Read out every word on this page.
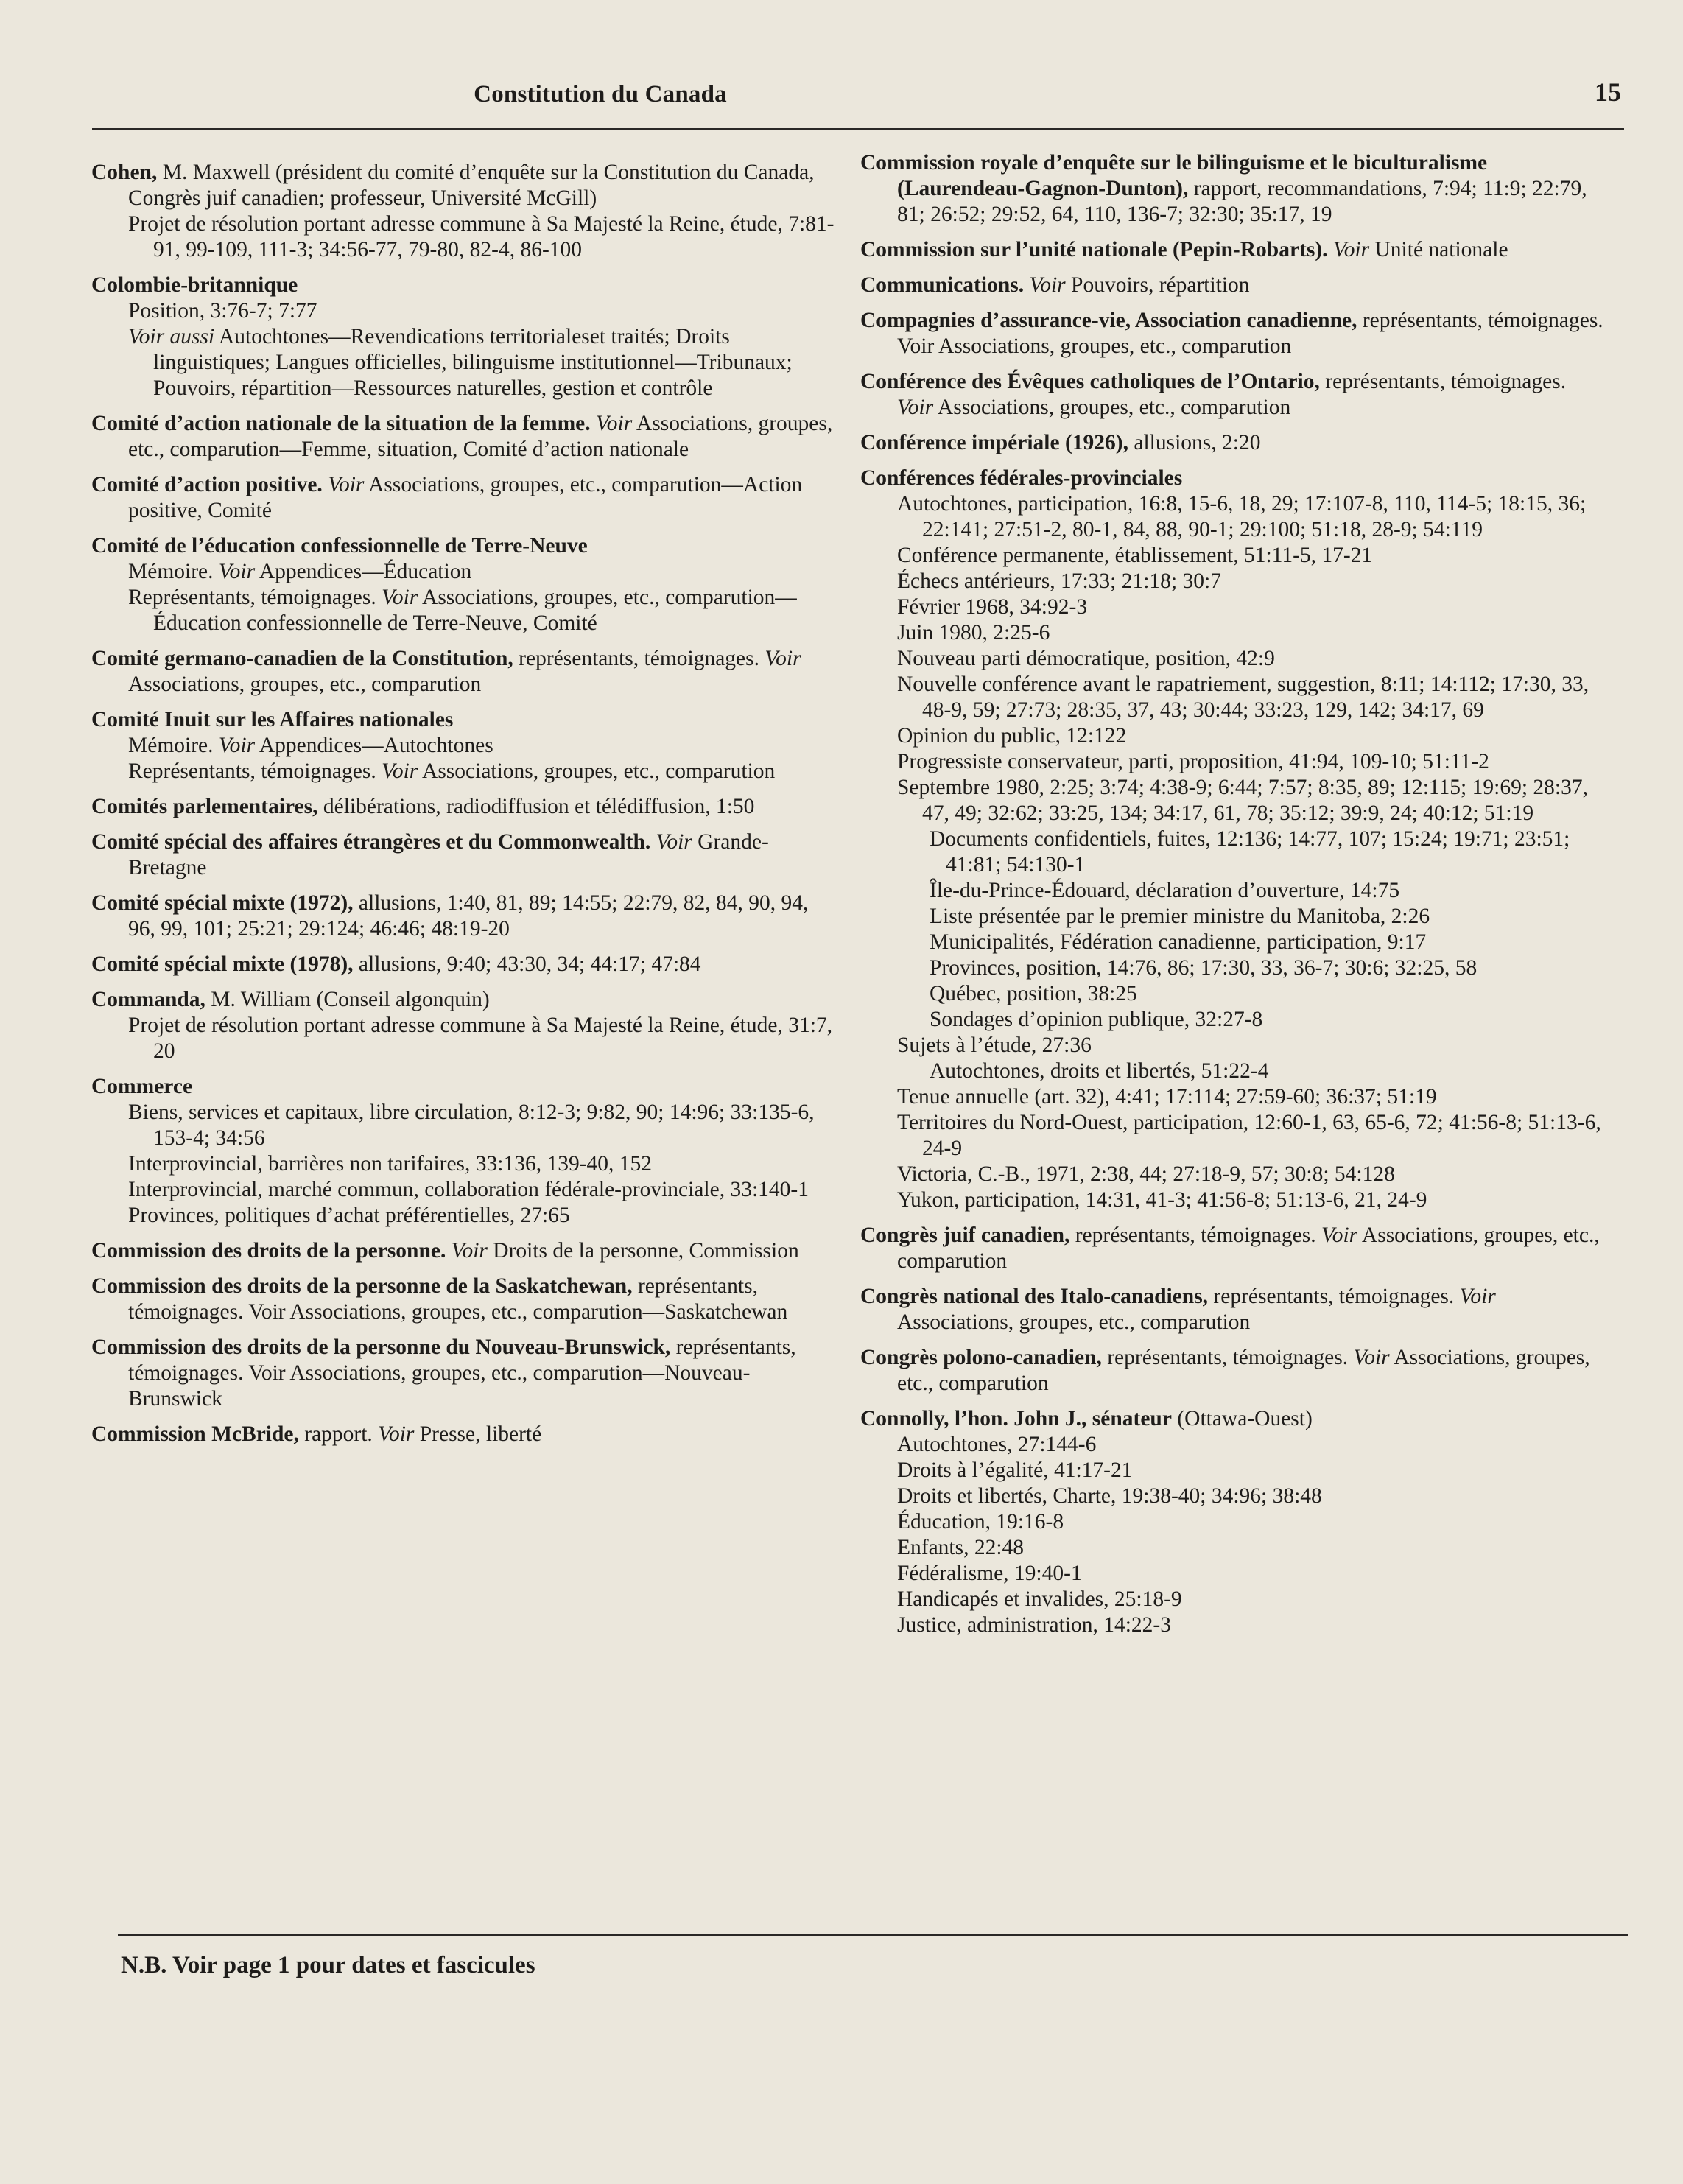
Constitution du Canada	15
Cohen, M. Maxwell (président du comité d’enquête sur la Constitution du Canada, Congrès juif canadien; professeur, Université McGill)
Projet de résolution portant adresse commune à Sa Majesté la Reine, étude, 7:81-91, 99-109, 111-3; 34:56-77, 79-80, 82-4, 86-100
Colombie-britannique
Position, 3:76-7; 7:77
Voir aussi Autochtones—Revendications territorialeset traités; Droits linguistiques; Langues officielles, bilinguisme institutionnel—Tribunaux; Pouvoirs, répartition—Ressources naturelles, gestion et contrôle
Comité d’action nationale de la situation de la femme. Voir Associations, groupes, etc., comparution—Femme, situation, Comité d’action nationale
Comité d’action positive. Voir Associations, groupes, etc., comparution—Action positive, Comité
Comité de l’éducation confessionnelle de Terre-Neuve
Mémoire. Voir Appendices—Éducation
Représentants, témoignages. Voir Associations, groupes, etc., comparution—Éducation confessionnelle de Terre-Neuve, Comité
Comité germano-canadien de la Constitution, représentants, témoignages. Voir Associations, groupes, etc., comparution
Comité Inuit sur les Affaires nationales
Mémoire. Voir Appendices—Autochtones
Représentants, témoignages. Voir Associations, groupes, etc., comparution
Comités parlementaires, délibérations, radiodiffusion et télédiffusion, 1:50
Comité spécial des affaires étrangères et du Commonwealth. Voir Grande-Bretagne
Comité spécial mixte (1972), allusions, 1:40, 81, 89; 14:55; 22:79, 82, 84, 90, 94, 96, 99, 101; 25:21; 29:124; 46:46; 48:19-20
Comité spécial mixte (1978), allusions, 9:40; 43:30, 34; 44:17; 47:84
Commanda, M. William (Conseil algonquin)
Projet de résolution portant adresse commune à Sa Majesté la Reine, étude, 31:7, 20
Commerce
Biens, services et capitaux, libre circulation, 8:12-3; 9:82, 90; 14:96; 33:135-6, 153-4; 34:56
Interprovincial, barrières non tarifaires, 33:136, 139-40, 152
Interprovincial, marché commun, collaboration fédérale-provinciale, 33:140-1
Provinces, politiques d’achat préférentielles, 27:65
Commission des droits de la personne. Voir Droits de la personne, Commission
Commission des droits de la personne de la Saskatchewan, représentants, témoignages. Voir Associations, groupes, etc., comparution—Saskatchewan
Commission des droits de la personne du Nouveau-Brunswick, représentants, témoignages. Voir Associations, groupes, etc., comparution—Nouveau-Brunswick
Commission McBride, rapport. Voir Presse, liberté
Commission royale d’enquête sur le bilinguisme et le biculturalisme (Laurendeau-Gagnon-Dunton), rapport, recommandations, 7:94; 11:9; 22:79, 81; 26:52; 29:52, 64, 110, 136-7; 32:30; 35:17, 19
Commission sur l’unité nationale (Pepin-Robarts). Voir Unité nationale
Communications. Voir Pouvoirs, répartition
Compagnies d’assurance-vie, Association canadienne, représentants, témoignages. Voir Associations, groupes, etc., comparution
Conférence des Évêques catholiques de l’Ontario, représentants, témoignages. Voir Associations, groupes, etc., comparution
Conférence impériale (1926), allusions, 2:20
Conférences fédérales-provinciales
Autochtones, participation, 16:8, 15-6, 18, 29; 17:107-8, 110, 114-5; 18:15, 36; 22:141; 27:51-2, 80-1, 84, 88, 90-1; 29:100; 51:18, 28-9; 54:119
Conférence permanente, établissement, 51:11-5, 17-21
Échecs antérieurs, 17:33; 21:18; 30:7
Février 1968, 34:92-3
Juin 1980, 2:25-6
Nouveau parti démocratique, position, 42:9
Nouvelle conférence avant le rapatriement, suggestion, 8:11; 14:112; 17:30, 33, 48-9, 59; 27:73; 28:35, 37, 43; 30:44; 33:23, 129, 142; 34:17, 69
Opinion du public, 12:122
Progressiste conservateur, parti, proposition, 41:94, 109-10; 51:11-2
Septembre 1980, 2:25; 3:74; 4:38-9; 6:44; 7:57; 8:35, 89; 12:115; 19:69; 28:37, 47, 49; 32:62; 33:25, 134; 34:17, 61, 78; 35:12; 39:9, 24; 40:12; 51:19
Documents confidentiels, fuites, 12:136; 14:77, 107; 15:24; 19:71; 23:51; 41:81; 54:130-1
Île-du-Prince-Édouard, déclaration d’ouverture, 14:75
Liste présentée par le premier ministre du Manitoba, 2:26
Municipalités, Fédération canadienne, participation, 9:17
Provinces, position, 14:76, 86; 17:30, 33, 36-7; 30:6; 32:25, 58
Québec, position, 38:25
Sondages d’opinion publique, 32:27-8
Sujets à l’étude, 27:36
Autochtones, droits et libertés, 51:22-4
Tenue annuelle (art. 32), 4:41; 17:114; 27:59-60; 36:37; 51:19
Territoires du Nord-Ouest, participation, 12:60-1, 63, 65-6, 72; 41:56-8; 51:13-6, 24-9
Victoria, C.-B., 1971, 2:38, 44; 27:18-9, 57; 30:8; 54:128
Yukon, participation, 14:31, 41-3; 41:56-8; 51:13-6, 21, 24-9
Congrès juif canadien, représentants, témoignages. Voir Associations, groupes, etc., comparution
Congrès national des Italo-canadiens, représentants, témoignages. Voir Associations, groupes, etc., comparution
Congrès polono-canadien, représentants, témoignages. Voir Associations, groupes, etc., comparution
Connolly, l’hon. John J., sénateur (Ottawa-Ouest)
Autochtones, 27:144-6
Droits à l’égalité, 41:17-21
Droits et libertés, Charte, 19:38-40; 34:96; 38:48
Éducation, 19:16-8
Enfants, 22:48
Fédéralisme, 19:40-1
Handicapés et invalides, 25:18-9
Justice, administration, 14:22-3
N.B. Voir page 1 pour dates et fascicules
